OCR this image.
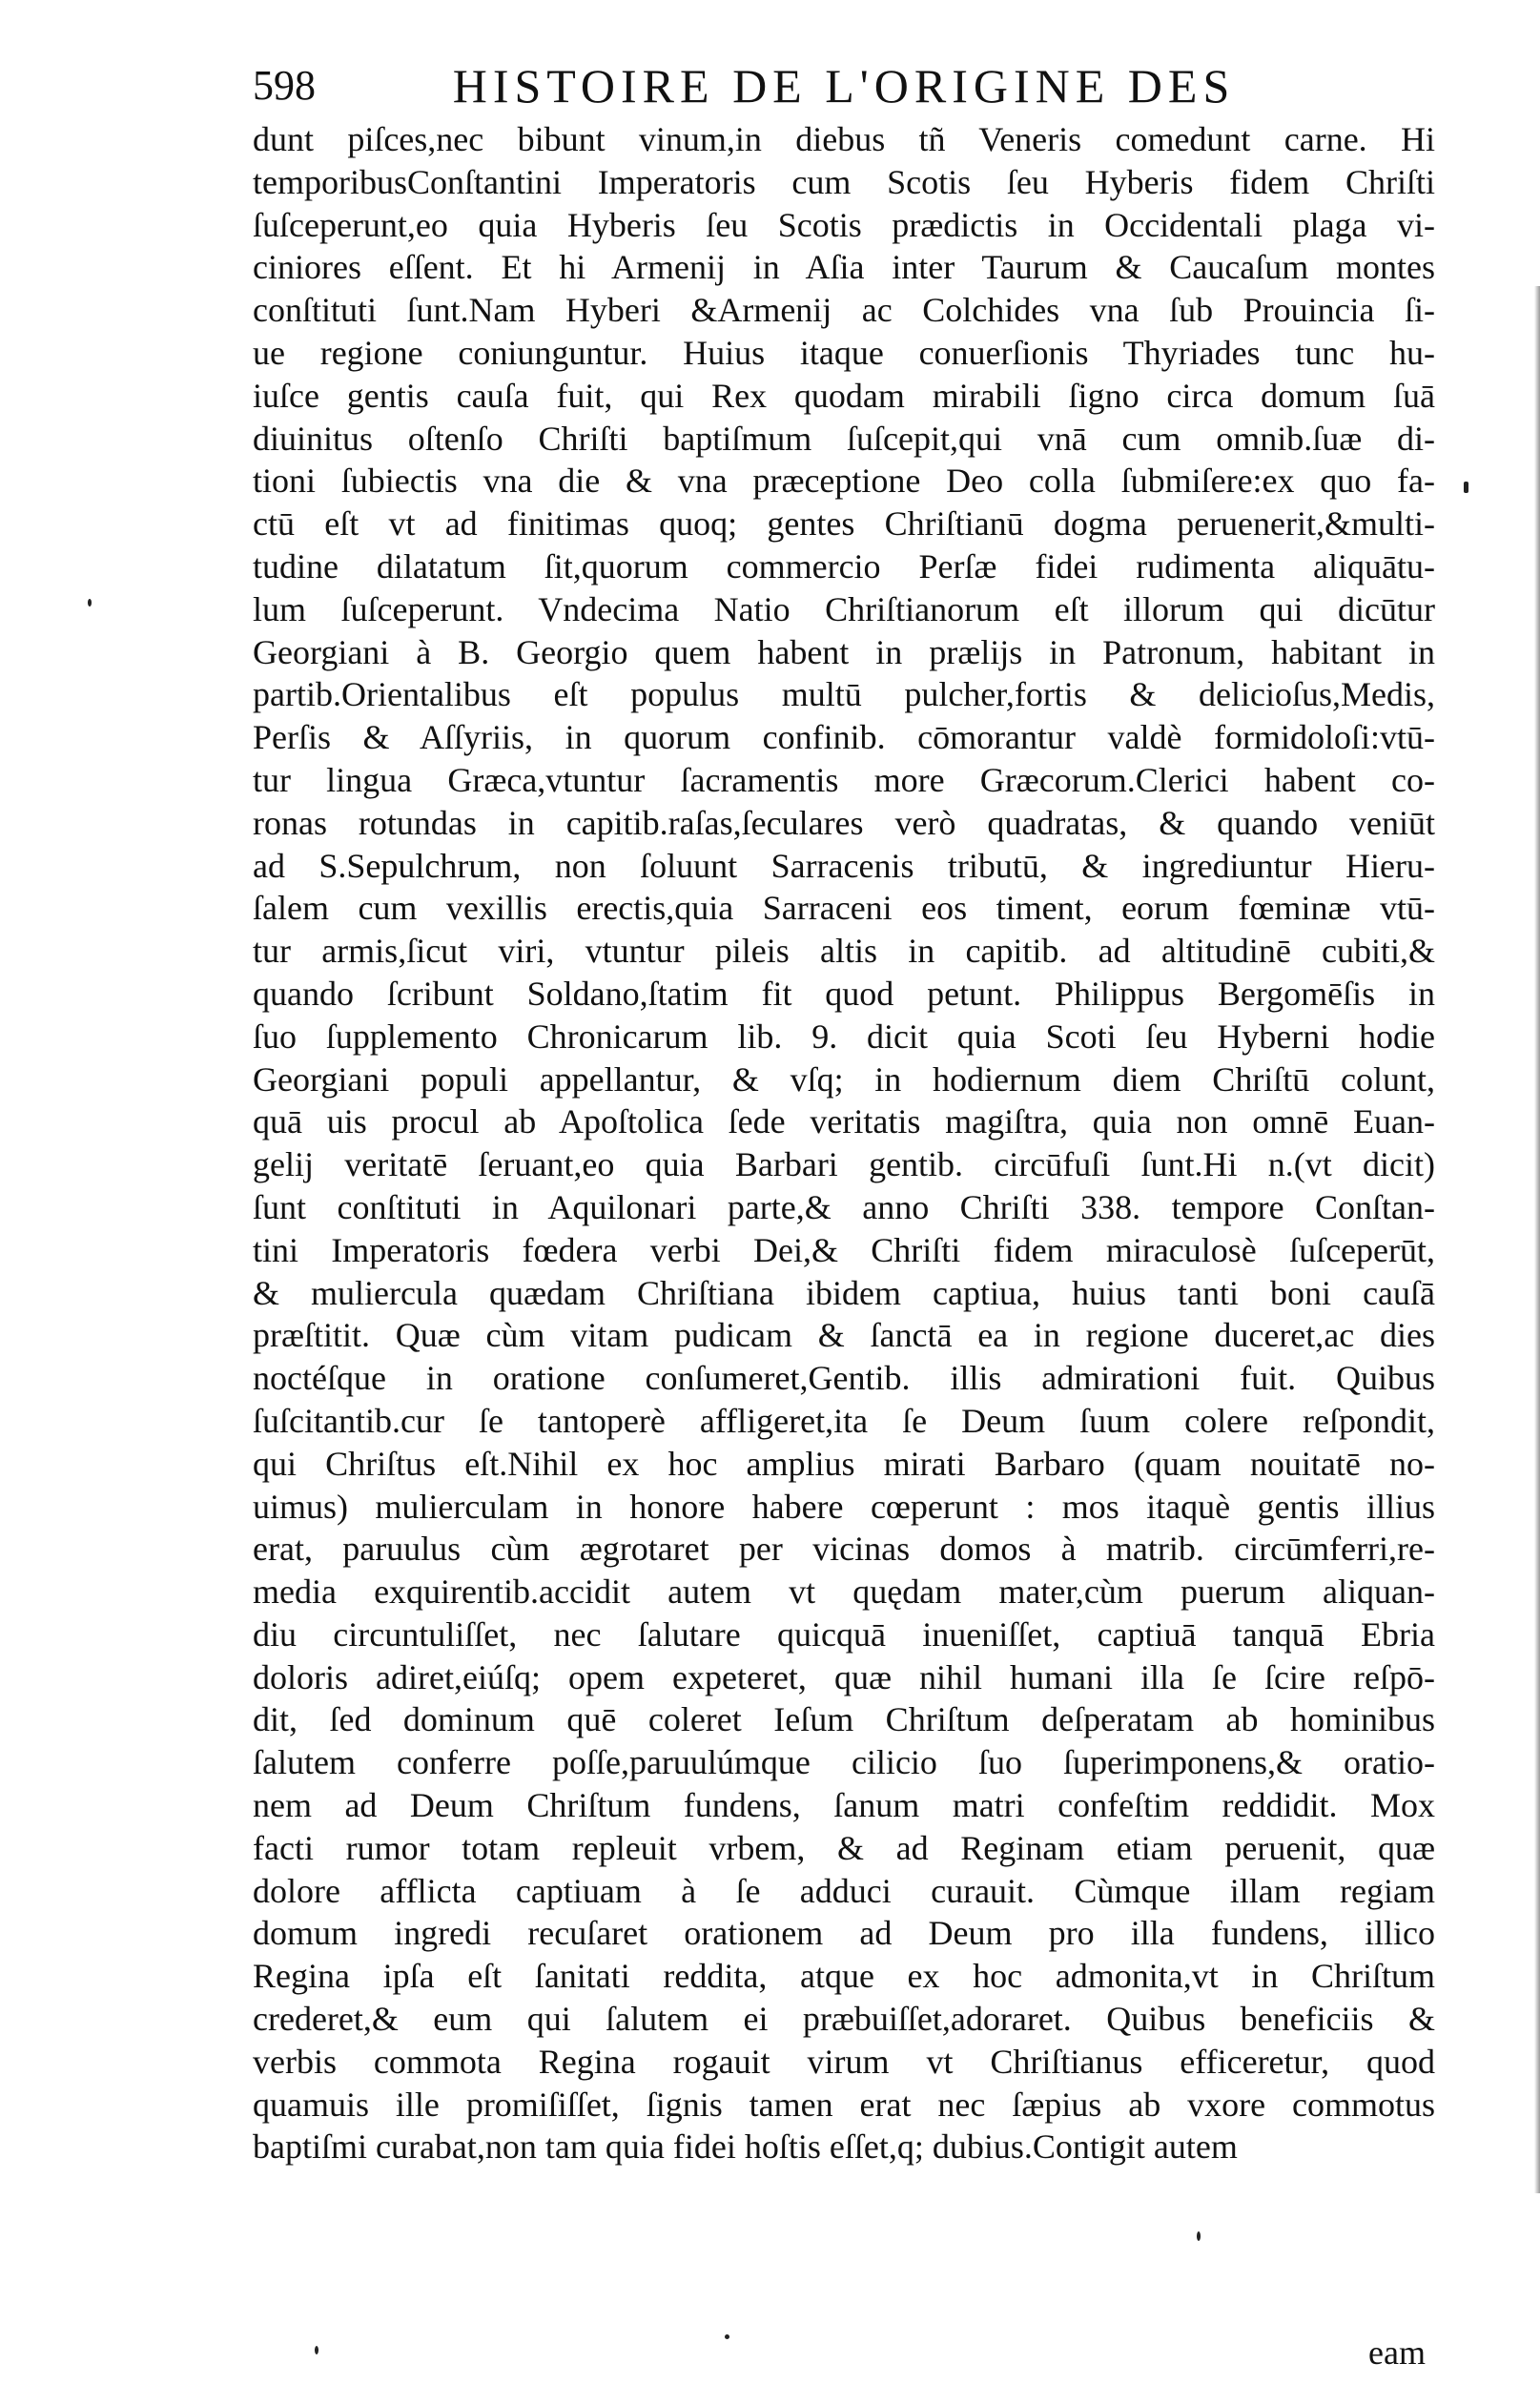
598	HISTOIRE DE L'ORIGINE DES
dunt piſces,nec bibunt vinum,in diebus tñ Veneris comedunt carne. Hi
temporibusConſtantini Imperatoris cum Scotis ſeu Hyberis fidem Chriſti
ſuſceperunt,eo quia Hyberis ſeu Scotis prædictis in Occidentali plaga vi-
ciniores eſſent. Et hi Armenij in Aſia inter Taurum & Caucaſum montes
conſtituti ſunt.Nam Hyberi &Armenij ac Colchides vna ſub Prouincia ſi-
ue regione coniunguntur. Huius itaque conuerſionis Thyriades tunc hu-
iuſce gentis cauſa fuit, qui Rex quodam mirabili ſigno circa domum ſuā
diuinitus oſtenſo Chriſti baptiſmum ſuſcepit,qui vnā cum omnib.ſuæ di-
tioni ſubiectis vna die & vna præceptione Deo colla ſubmiſere:ex quo fa-
ctū eſt vt ad finitimas quoq; gentes Chriſtianū dogma peruenerit,&multi-
tudine dilatatum ſit,quorum commercio Perſæ fidei rudimenta aliquātu-
lum ſuſceperunt. Vndecima Natio Chriſtianorum eſt illorum qui dicūtur
Georgiani à B. Georgio quem habent in prælijs in Patronum, habitant in
partib.Orientalibus eſt populus multū pulcher,fortis & delicioſus,Medis,
Perſis & Aſſyriis, in quorum confinib. cōmorantur valdè formidoloſi:vtū-
tur lingua Græca,vtuntur ſacramentis more Græcorum.Clerici habent co-
ronas rotundas in capitib.raſas,ſeculares verò quadratas, & quando veniūt
ad S.Sepulchrum, non ſoluunt Sarracenis tributū, & ingrediuntur Hieru-
ſalem cum vexillis erectis,quia Sarraceni eos timent, eorum fœminæ vtū-
tur armis,ſicut viri, vtuntur pileis altis in capitib. ad altitudinē cubiti,&
quando ſcribunt Soldano,ſtatim fit quod petunt. Philippus Bergomēſis in
ſuo ſupplemento Chronicarum lib. 9. dicit quia Scoti ſeu Hyberni hodie
Georgiani populi appellantur, & vſq; in hodiernum diem Chriſtū colunt,
quā uis procul ab Apoſtolica ſede veritatis magiſtra, quia non omnē Euan-
gelij veritatē ſeruant,eo quia Barbari gentib. circūfuſi ſunt.Hi n.(vt dicit)
ſunt conſtituti in Aquilonari parte,& anno Chriſti 338. tempore Conſtan-
tini Imperatoris fœdera verbi Dei,& Chriſti fidem miraculosè ſuſceperūt,
& muliercula quædam Chriſtiana ibidem captiua, huius tanti boni cauſā
præſtitit. Quæ cùm vitam pudicam & ſanctā ea in regione duceret,ac dies
noctéſque in oratione conſumeret,Gentib. illis admirationi fuit. Quibus
ſuſcitantib.cur ſe tantoperè affligeret,ita ſe Deum ſuum colere reſpondit,
qui Chriſtus eſt.Nihil ex hoc amplius mirati Barbaro (quam nouitatē no-
uimus) mulierculam in honore habere cœperunt : mos itaquè gentis illius
erat, paruulus cùm ægrotaret per vicinas domos à matrib. circūmferri,re-
media exquirentib.accidit autem vt quędam mater,cùm puerum aliquan-
diu circuntuliſſet, nec ſalutare quicquā inueniſſet, captiuā tanquā Ebria
doloris adiret,eiúſq; opem expeteret, quæ nihil humani illa ſe ſcire reſpō-
dit, ſed dominum quē coleret Ieſum Chriſtum deſperatam ab hominibus
ſalutem conferre poſſe,paruulúmque cilicio ſuo ſuperimponens,& oratio-
nem ad Deum Chriſtum fundens, ſanum matri confeſtim reddidit. Mox
facti rumor totam repleuit vrbem, & ad Reginam etiam peruenit, quæ
dolore afflicta captiuam à ſe adduci curauit. Cùmque illam regiam
domum ingredi recuſaret orationem ad Deum pro illa fundens, illico
Regina ipſa eſt ſanitati reddita, atque ex hoc admonita,vt in Chriſtum
crederet,& eum qui ſalutem ei præbuiſſet,adoraret. Quibus beneficiis &
verbis commota Regina rogauit virum vt Chriſtianus efficeretur, quod
quamuis ille promiſiſſet, ſignis tamen erat nec ſæpius ab vxore commotus
baptiſmi curabat,non tam quia fidei hoſtis eſſet,q; dubius.Contigit autem
eam
